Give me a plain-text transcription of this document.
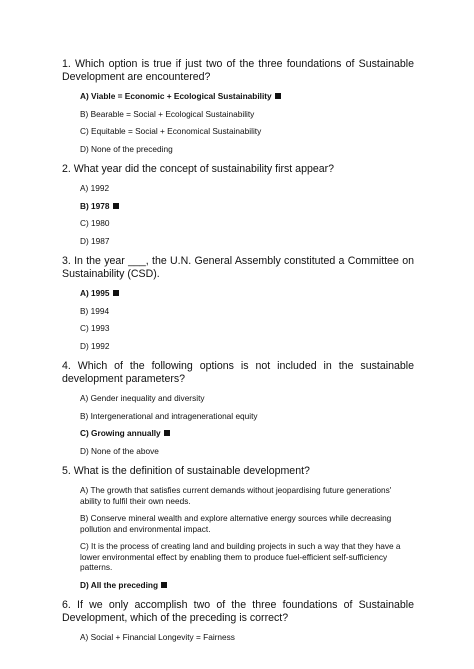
1. Which option is true if just two of the three foundations of Sustainable Development are encountered?

A) Viable = Economic + Ecological Sustainability
B) Bearable = Social + Ecological Sustainability
C) Equitable = Social + Economical Sustainability
D) None of the preceding

2. What year did the concept of sustainability first appear?

A) 1992
B) 1978
C) 1980
D) 1987

3. In the year ___, the U.N. General Assembly constituted a Committee on Sustainability (CSD).

A) 1995
B) 1994
C) 1993
D) 1992

4. Which of the following options is not included in the sustainable development parameters?

A) Gender inequality and diversity
B) Intergenerational and intragenerational equity
C) Growing annually
D) None of the above

5. What is the definition of sustainable development?

A) The growth that satisfies current demands without jeopardising future generations' ability to fulfil their own needs.
B) Conserve mineral wealth and explore alternative energy sources while decreasing pollution and environmental impact.
C) It is the process of creating land and building projects in such a way that they have a lower environmental effect by enabling them to produce fuel-efficient self-sufficiency patterns.
D) All the preceding

6. If we only accomplish two of the three foundations of Sustainable Development, which of the preceding is correct?

A) Social + Financial Longevity = Fairness
